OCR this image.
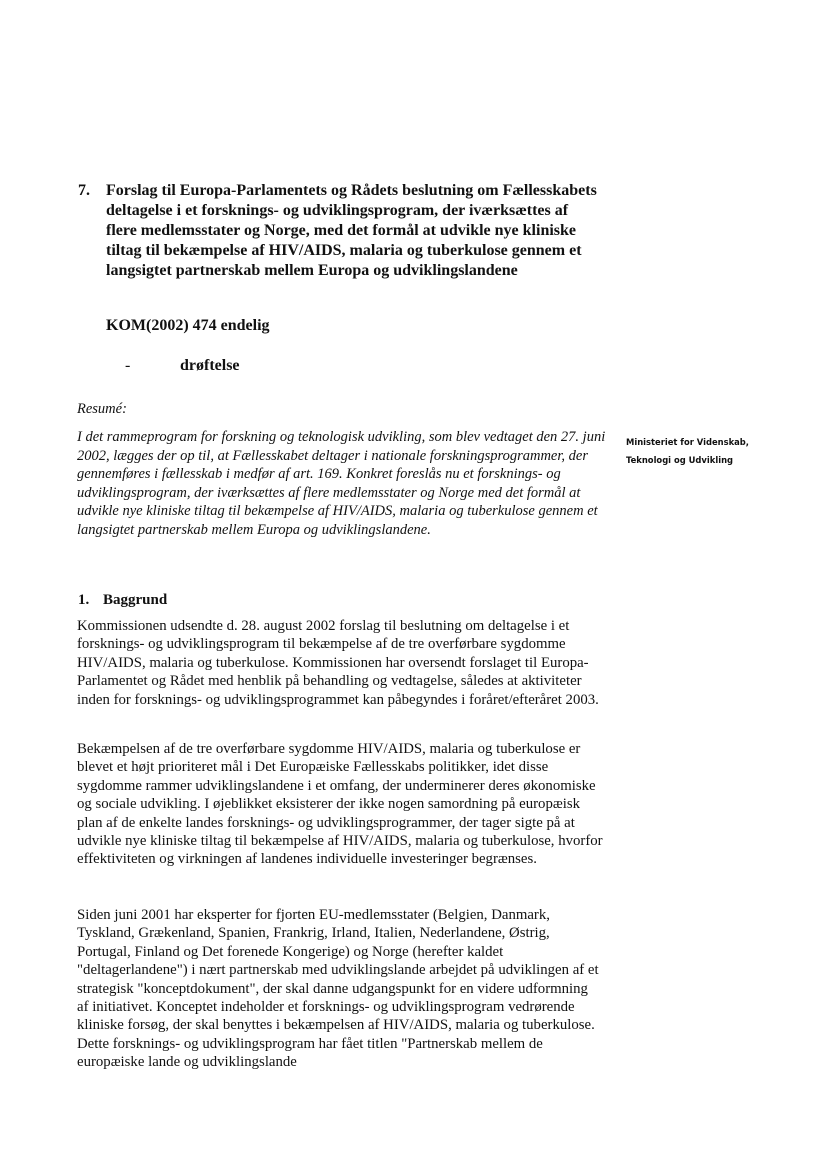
7. Forslag til Europa-Parlamentets og Rådets beslutning om Fællesskabets deltagelse i et forsknings- og udviklingsprogram, der iværksættes af flere medlemsstater og Norge, med det formål at udvikle nye kliniske tiltag til bekæmpelse af HIV/AIDS, malaria og tuberkulose gennem et langsigtet partnerskab mellem Europa og udviklingslandene
KOM(2002) 474 endelig
-	drøftelse
Resumé:
I det rammeprogram for forskning og teknologisk udvikling, som blev vedtaget den 27. juni 2002, lægges der op til, at Fællesskabet deltager i nationale forskningsprogrammer, der gennemføres i fællesskab i medfør af art. 169. Konkret foreslås nu et forsknings- og udviklingsprogram, der iværksættes af flere medlemsstater og Norge med det formål at udvikle nye kliniske tiltag til bekæmpelse af HIV/AIDS, malaria og tuberkulose gennem et langsigtet partnerskab mellem Europa og udviklingslandene.
Ministeriet for Videnskab,
Teknologi og Udvikling
1. Baggrund

Kommissionen udsendte d. 28. august 2002 forslag til beslutning om deltagelse i et forsknings- og udviklingsprogram til bekæmpelse af de tre overførbare sygdomme HIV/AIDS, malaria og tuberkulose. Kommissionen har oversendt forslaget til Europa-Parlamentet og Rådet med henblik på behandling og vedtagelse, således at aktiviteter inden for forsknings- og udviklingsprogrammet kan påbegyndes i foråret/efteråret 2003.

Bekæmpelsen af de tre overførbare sygdomme HIV/AIDS, malaria og tuberkulose er blevet et højt prioriteret mål i Det Europæiske Fællesskabs politikker, idet disse sygdomme rammer udviklingslandene i et omfang, der underminerer deres økonomiske og sociale udvikling. I øjeblikket eksisterer der ikke nogen samordning på europæisk plan af de enkelte landes forsknings- og udviklingsprogrammer, der tager sigte på at udvikle nye kliniske tiltag til bekæmpelse af HIV/AIDS, malaria og tuberkulose, hvorfor effektiviteten og virkningen af landenes individuelle investeringer begrænses.

Siden juni 2001 har eksperter for fjorten EU-medlemsstater (Belgien, Danmark, Tyskland, Grækenland, Spanien, Frankrig, Irland, Italien, Nederlandene, Østrig, Portugal, Finland og Det forenede Kongerige) og Norge (herefter kaldet "deltagerlandene") i nært partnerskab med udviklingslande arbejdet på udviklingen af et strategisk "konceptdokument", der skal danne udgangspunkt for en videre udformning af initiativet. Konceptet indeholder et forsknings- og udviklingsprogram vedrørende kliniske forsøg, der skal benyttes i bekæmpelsen af HIV/AIDS, malaria og tuberkulose. Dette forsknings- og udviklingsprogram har fået titlen "Partnerskab mellem de europæiske lande og udviklingslande
